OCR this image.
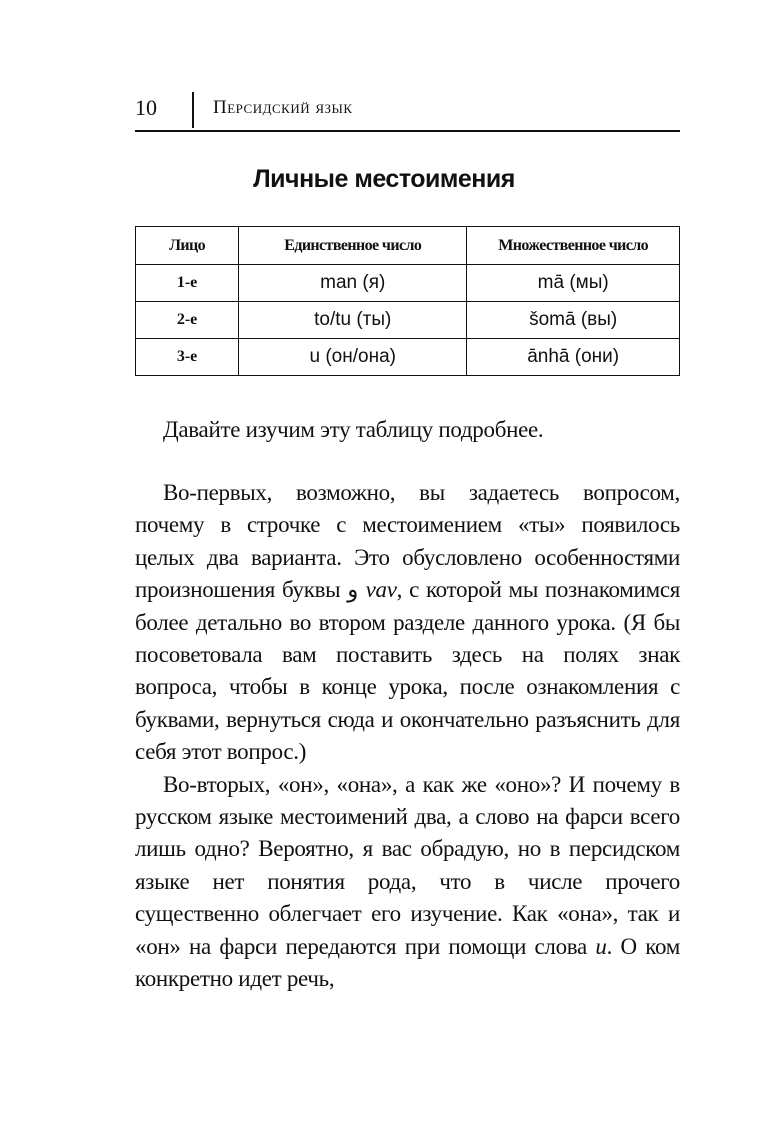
10	Персидский язык
Личные местоимения
Лицо	Единственное число	Множественное число
1-е	man (я)	mā (мы)
2-е	to/tu (ты)	šomā (вы)
3-е	u (он/она)	ānhā (они)
Давайте изучим эту таблицу подробнее.

Во-первых, возможно, вы задаетесь вопросом, почему в строчке с местоимением «ты» появилось целых два варианта. Это обусловлено особенностями произношения буквы و vav, с которой мы познакомимся более детально во втором разделе данного урока. (Я бы посоветовала вам поставить здесь на полях знак вопроса, чтобы в конце урока, после ознакомления с буквами, вернуться сюда и окончательно разъяснить для себя этот вопрос.)

Во-вторых, «он», «она», а как же «оно»? И почему в русском языке местоимений два, а слово на фарси всего лишь одно? Вероятно, я вас обрадую, но в персидском языке нет понятия рода, что в числе прочего существенно облегчает его изучение. Как «она», так и «он» на фарси передаются при помощи слова u. О ком конкретно идет речь,
